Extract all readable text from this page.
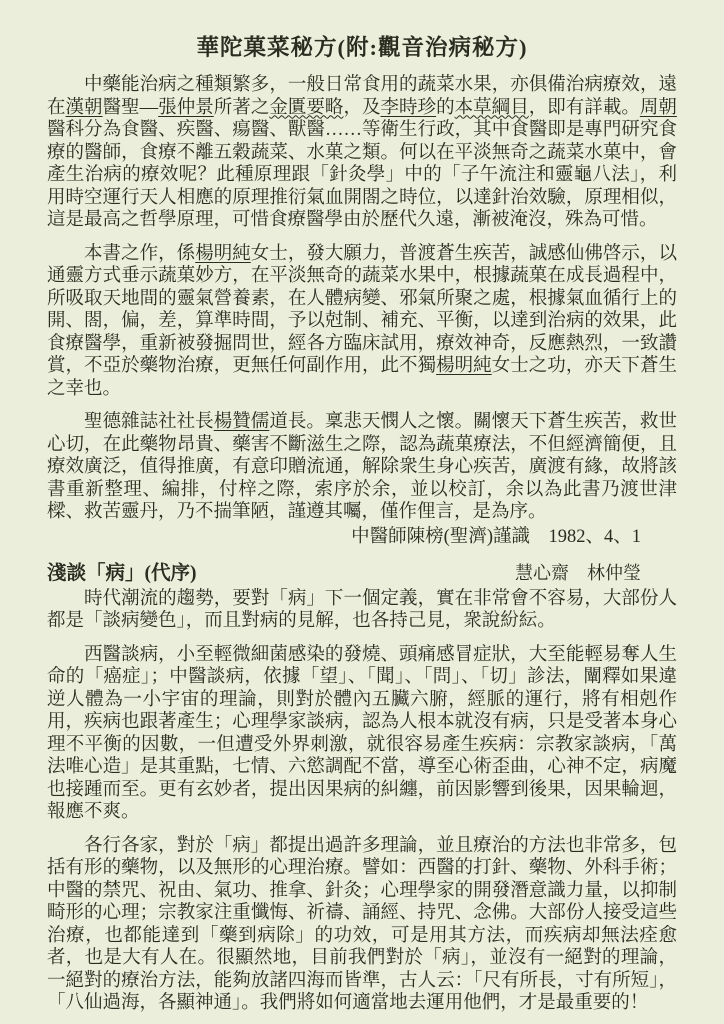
華陀菓菜秘方(附:觀音治病秘方)

中藥能治病之種類繁多，一般日常食用的蔬菜水果，亦俱備治病療效，遠在漢朝醫聖—張仲景所著之金匱要略，及李時珍的本草綱目，即有詳載。周朝醫科分為食醫、疾醫、瘍醫、獸醫……等衛生行政，其中食醫即是專門研究食療的醫師，食療不離五穀蔬菜、水菓之類。何以在平淡無奇之蔬菜水菓中，會產生治病的療效呢？此種原理跟「針灸學」中的「子午流注和靈龜八法」，利用時空運行天人相應的原理推衍氣血開閤之時位，以達針治效驗，原理相似，這是最高之哲學原理，可惜食療醫學由於歷代久遠，漸被淹沒，殊為可惜。

本書之作，係楊明純女士，發大願力，普渡蒼生疾苦，誠感仙佛啓示，以通靈方式垂示蔬菓妙方，在平淡無奇的蔬菜水果中，根據蔬菓在成長過程中，所吸取天地間的靈氣營養素，在人體病變、邪氣所聚之處，根據氣血循行上的開、閤，偏，差，算準時間，予以尅制、補充、平衡，以達到治病的效果，此食療醫學，重新被發掘問世，經各方臨床試用，療效神奇，反應熱烈，一致讚賞，不亞於藥物治療，更無任何副作用，此不獨楊明純女士之功，亦天下蒼生之幸也。

聖德雜誌社社長楊贊儒道長。稟悲天憫人之懷。關懷天下蒼生疾苦，救世心切，在此藥物昂貴、藥害不斷滋生之際，認為蔬菓療法，不但經濟簡便，且療效廣泛，值得推廣，有意印贈流通，解除衆生身心疾苦，廣渡有緣，故將該書重新整理、編排，付梓之際，索序於余，並以校訂，余以為此書乃渡世津樑、救苦靈丹，乃不揣筆陋，謹遵其囑，僅作俚言，是為序。

中醫師陳榜(聖濟)謹識 1982、4、1
淺談「病」(代序)	慧心齋　林仲瑩

時代潮流的趨勢，要對「病」下一個定義，實在非常會不容易，大部份人都是「談病變色」，而且對病的見解，也各持己見，衆說紛紜。

西醫談病，小至輕微細菌感染的發燒、頭痛感冒症狀，大至能輕易奪人生命的「癌症」；中醫談病，依據「望」、「聞」、「問」、「切」診法，闡釋如果違逆人體為一小宇宙的理論，則對於體內五臟六腑，經脈的運行，將有相剋作用，疾病也跟著產生；心理學家談病，認為人根本就沒有病，只是受著本身心理不平衡的因數，一但遭受外界刺激，就很容易產生疾病：宗教家談病，「萬法唯心造」是其重點，七情、六慾調配不當，導至心術歪曲，心神不定，病魔也接踵而至。更有玄妙者，提出因果病的糾纏，前因影響到後果，因果輪迴，報應不爽。

各行各家，對於「病」都提出過許多理論，並且療治的方法也非常多，包括有形的藥物，以及無形的心理治療。譬如：西醫的打針、藥物、外科手術；中醫的禁咒、祝由、氣功、推拿、針灸；心理學家的開發潛意識力量，以抑制畸形的心理；宗教家注重懺悔、祈禱、誦經、持咒、念佛。大部份人接受這些治療，也都能達到「藥到病除」的功效，可是用其方法，而疾病却無法痊愈者，也是大有人在。很顯然地，目前我們對於「病」，並沒有一絕對的理論，一絕對的療治方法，能夠放諸四海而皆準，古人云：「尺有所長，寸有所短」，「八仙過海，各顯神通」。我們將如何適當地去運用他們，才是最重要的！
